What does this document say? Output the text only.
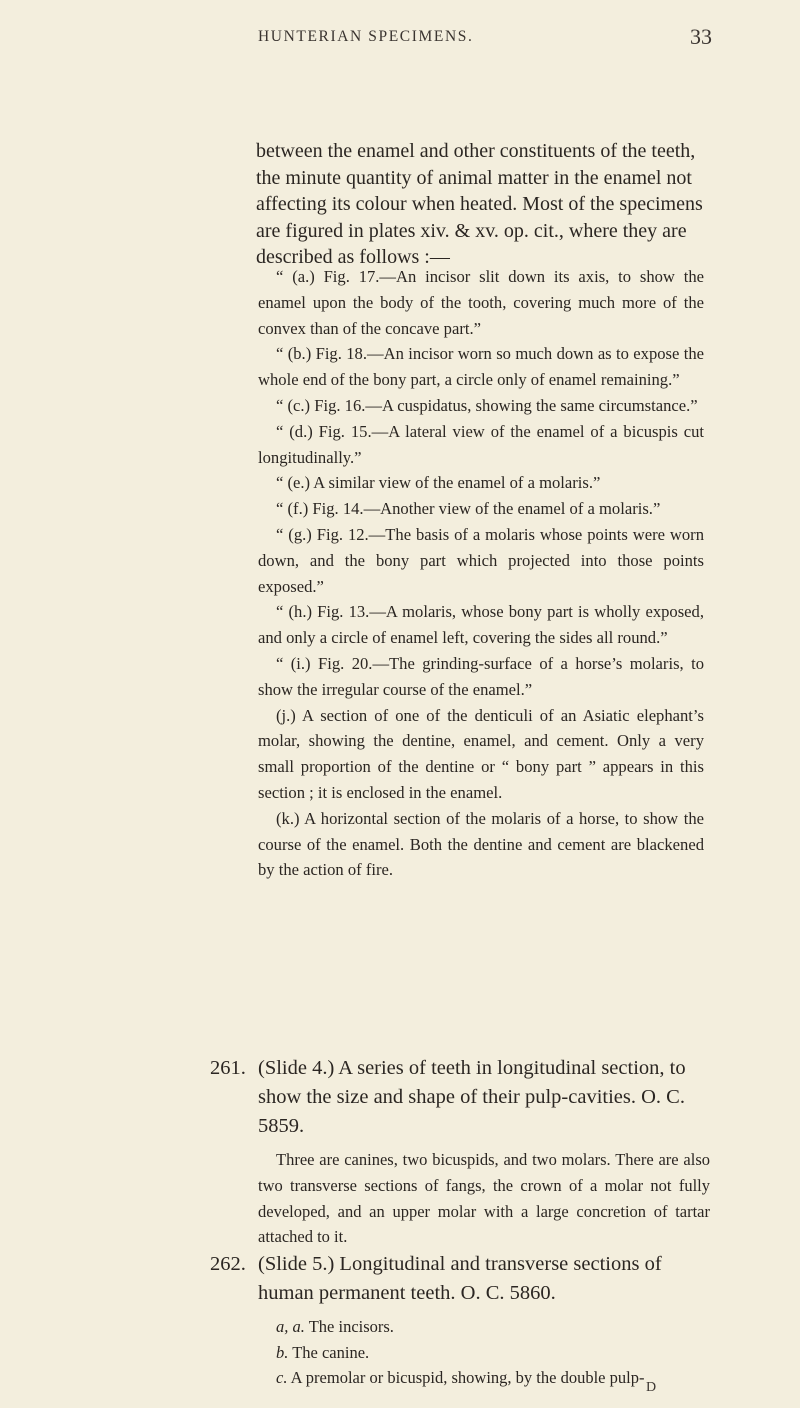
HUNTERIAN SPECIMENS.	33

between the enamel and other constituents of the teeth,
the minute quantity of animal matter in the enamel not
affecting its colour when heated. Most of the specimens
are figured in plates xiv. & xv. op. cit., where they are
described as follows :—

“ (a.) Fig. 17.—An incisor slit down its axis, to show the enamel upon the body of the tooth, covering much more of the convex than of the concave part.”

“ (b.) Fig. 18.—An incisor worn so much down as to expose the whole end of the bony part, a circle only of enamel remaining.”

“ (c.) Fig. 16.—A cuspidatus, showing the same circumstance.”

“ (d.) Fig. 15.—A lateral view of the enamel of a bicuspis cut longitudinally.”

“ (e.) A similar view of the enamel of a molaris.”

“ (f.) Fig. 14.—Another view of the enamel of a molaris.”

“ (g.) Fig. 12.—The basis of a molaris whose points were worn down, and the bony part which projected into those points exposed.”

“ (h.) Fig. 13.—A molaris, whose bony part is wholly exposed, and only a circle of enamel left, covering the sides all round.”

“ (i.) Fig. 20.—The grinding-surface of a horse’s molaris, to show the irregular course of the enamel.”

(j.) A section of one of the denticuli of an Asiatic elephant’s molar, showing the dentine, enamel, and cement. Only a very small proportion of the dentine or “ bony part ” appears in this section ; it is enclosed in the enamel.

(k.) A horizontal section of the molaris of a horse, to show the course of the enamel. Both the dentine and cement are blackened by the action of fire.

261. (Slide 4.) A series of teeth in longitudinal section, to show the size and shape of their pulp-cavities. O. C. 5859.

Three are canines, two bicuspids, and two molars. There are also two transverse sections of fangs, the crown of a molar not fully developed, and an upper molar with a large concretion of tartar attached to it.

262. (Slide 5.) Longitudinal and transverse sections of human permanent teeth. O. C. 5860.

a, a. The incisors.
b. The canine.
c. A premolar or bicuspid, showing, by the double pulp-
D
